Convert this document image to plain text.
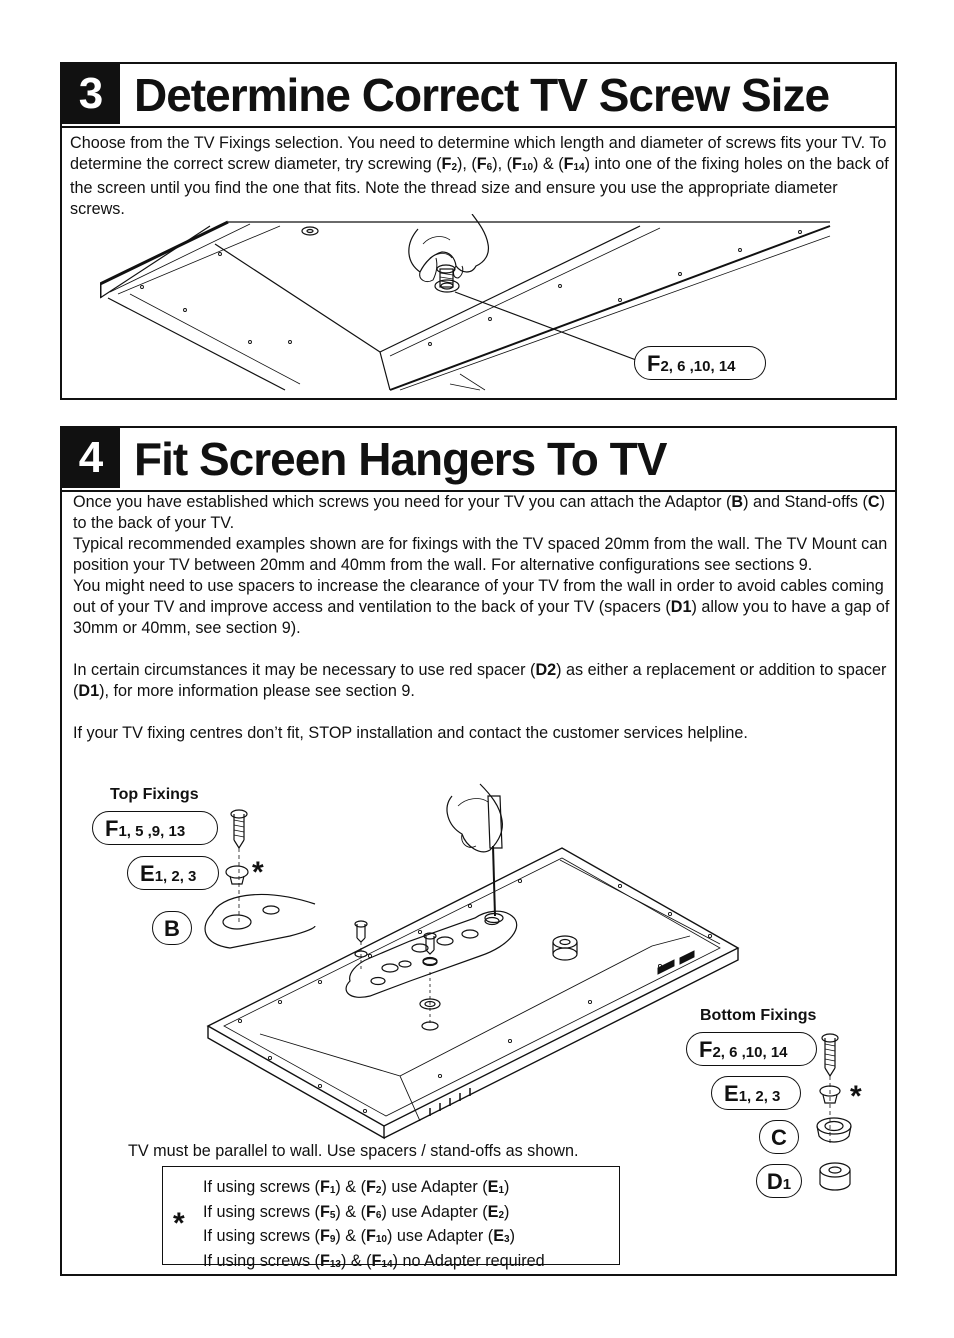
3 Determine Correct TV Screw Size

Choose from the TV Fixings selection. You need to determine which length and diameter of screws fits your TV. To determine the correct screw diameter, try screwing $(F_2)$, $(F_6)$, $(F_{10})$ & $(F_{14})$ into one of the fixing holes on the back of the screen until you find the one that fits. Note the thread size and ensure you use the appropriate diameter screws.

F2, 6 ,10, 14
4 Fit Screen Hangers To TV

Once you have established which screws you need for your TV you can attach the Adaptor (B) and Stand-offs (C) to the back of your TV.

Typical recommended examples shown are for fixings with the TV spaced 20mm from the wall. The TV Mount can position your TV between 20mm and 40mm from the wall. For alternative configurations see sections 9.

You might need to use spacers to increase the clearance of your TV from the wall in order to avoid cables coming out of your TV and improve access and ventilation to the back of your TV (spacers (D1) allow you to have a gap of 30mm or 40mm, see section 9).

In certain circumstances it may be necessary to use red spacer (D2) as either a replacement or addition to spacer (D1), for more information please see section 9.

If your TV fixing centres don’t fit, STOP installation and contact the customer services helpline.

Top Fixings
F1, 5 ,9, 13
E1, 2, 3	*
B
Bottom Fixings
F2, 6 ,10, 14
E1, 2, 3	*
C
D1
TV must be parallel to wall. Use spacers / stand-offs as shown.
*
If using screws $(F_1)$ & $(F_2)$ use Adapter $(E_1)$
If using screws $(F_5)$ & $(F_6)$ use Adapter $(E_2)$
If using screws $(F_9)$ & $(F_{10})$ use Adapter $(E_3)$
If using screws $(F_{13})$ & $(F_{14})$ no Adapter required
